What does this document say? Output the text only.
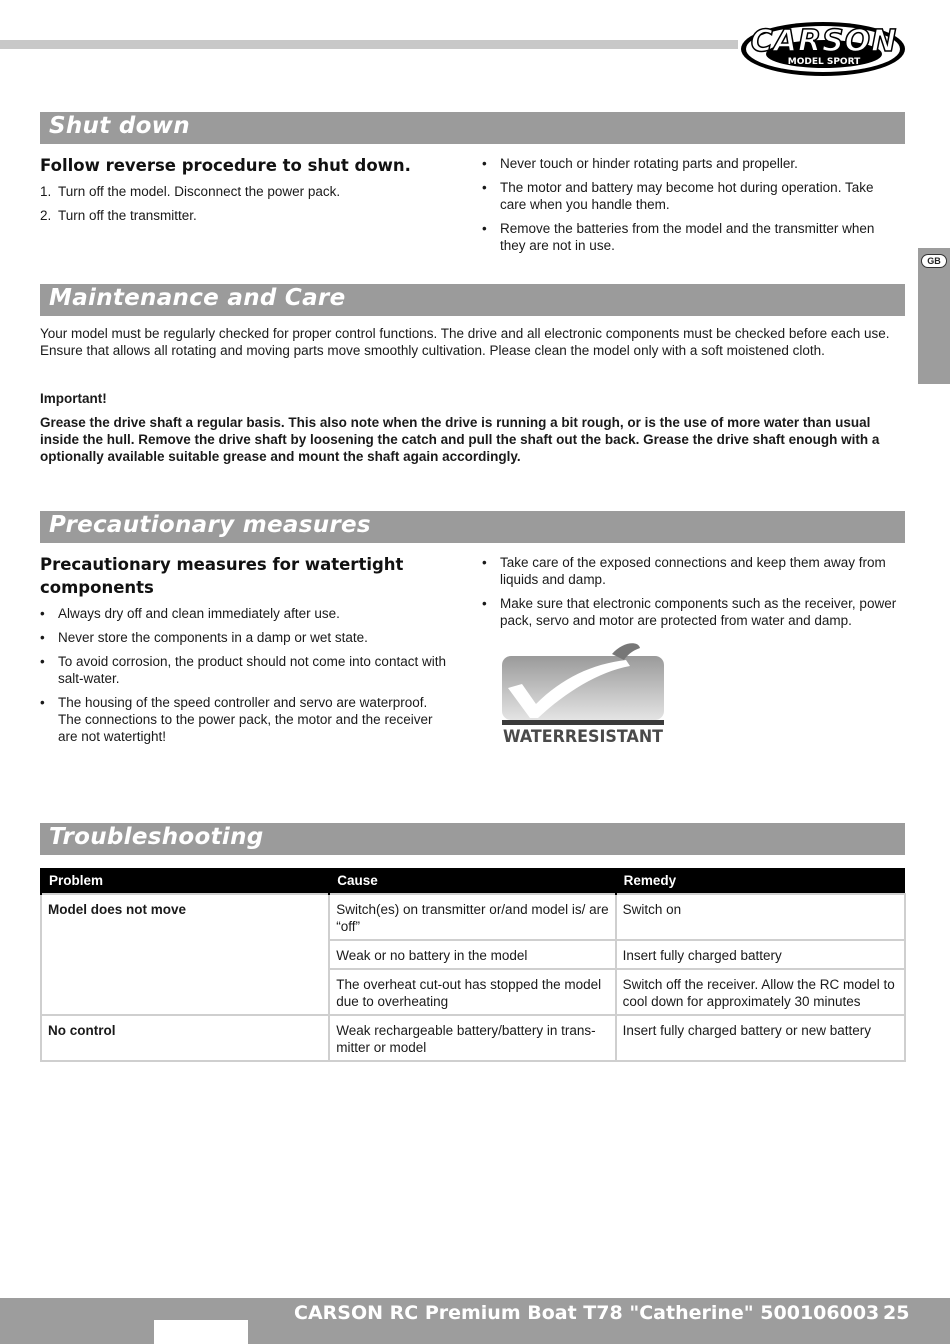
CARSON
MODEL SPORT
GB
Shut down
Follow reverse procedure to shut down.
1. Turn off the model. Disconnect the power pack.
2. Turn off the transmitter.
• Never touch or hinder rotating parts and propeller.
• The motor and battery may become hot during operation. Take care when you handle them.
• Remove the batteries from the model and the transmitter when they are not in use.
Maintenance and Care

Your model must be regularly checked for proper control functions. The drive and all electronic components must be checked before each use. Ensure that allows all rotating and moving parts move smoothly cultivation. Please clean the model only with a soft moistened cloth.

Important!

Grease the drive shaft a regular basis. This also note when the drive is running a bit rough, or is the use of more water than usual inside the hull. Remove the drive shaft by loosening the catch and pull the shaft out the back. Grease the drive shaft enough with a optionally available suitable grease and mount the shaft again accordingly.

Precautionary measures
Precautionary measures for watertight components
• Always dry off and clean immediately after use.
• Never store the components in a damp or wet state.
• To avoid corrosion, the product should not come into contact with salt-water.
• The housing of the speed controller and servo are waterproof. The connections to the power pack, the motor and the receiver are not watertight!
• Take care of the exposed connections and keep them away from liquids and damp.
• Make sure that electronic components such as the receiver, power pack, servo and motor are protected from water and damp.
WATERRESISTANT
Troubleshooting
Problem	Cause	Remedy
Model does not move	Switch(es) on transmitter or/and model is/ are “off”	Switch on
	Weak or no battery in the model	Insert fully charged battery
	The overheat cut-out has stopped the model due to overheating	Switch off the receiver. Allow the RC model to cool down for approximately 30 minutes
No control	Weak rechargeable battery/battery in trans-mitter or model	Insert fully charged battery or new battery
CARSON RC Premium Boat T78 "Catherine" 500106003 25
